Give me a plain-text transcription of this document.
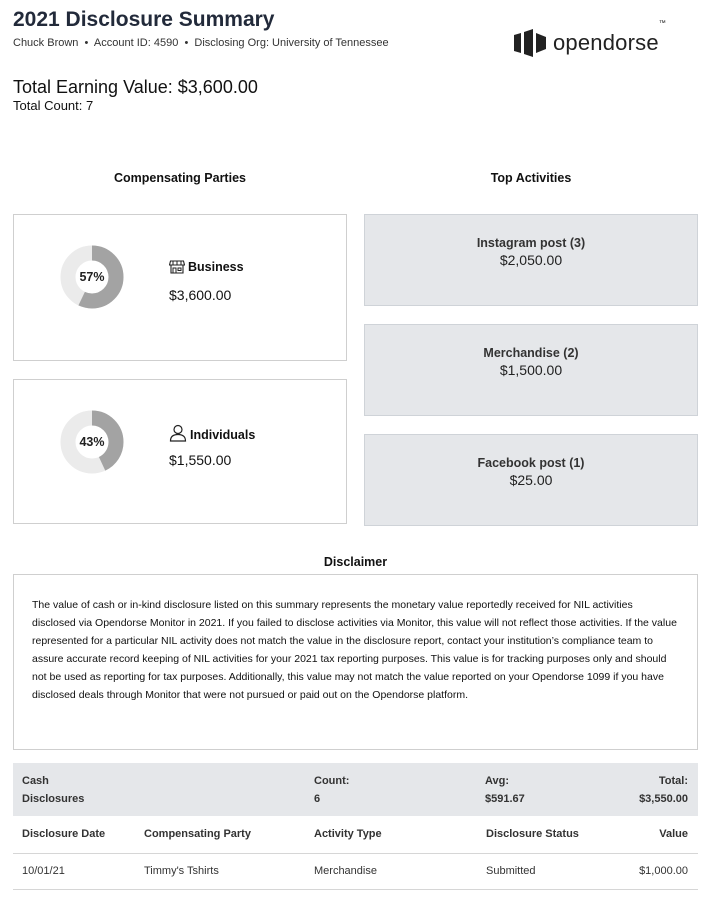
2021 Disclosure Summary
Chuck Brown • Account ID: 4590 • Disclosing Org: University of Tennessee	opendorse™
Total Earning Value: $3,600.00
Total Count: 7
Compensating Parties	Top Activities
57%
Business
$3,600.00
43%	Individuals
$1,550.00
Instagram post (3)
$2,050.00
Merchandise (2)
$1,500.00
Facebook post (1)
$25.00
Disclaimer

The value of cash or in-kind disclosure listed on this summary represents the monetary value reportedly received for NIL activities disclosed via Opendorse Monitor in 2021. If you failed to disclose activities via Monitor, this value will not reflect those activities. If the value represented for a particular NIL activity does not match the value in the disclosure report, contact your institution’s compliance team to assure accurate record keeping of NIL activities for your 2021 tax reporting purposes. This value is for tracking purposes only and should not be used as reporting for tax purposes. Additionally, this value may not match the value reported on your Opendorse 1099 if you have disclosed deals through Monitor that were not pursued or paid out on the Opendorse platform.

Cash
Disclosures
Count:
6
Avg:
$591.67
Total:
$3,550.00
Disclosure Date	Compensating Party	Activity Type	Disclosure Status	Value
10/01/21	Timmy's Tshirts	Merchandise	Submitted	$1,000.00
